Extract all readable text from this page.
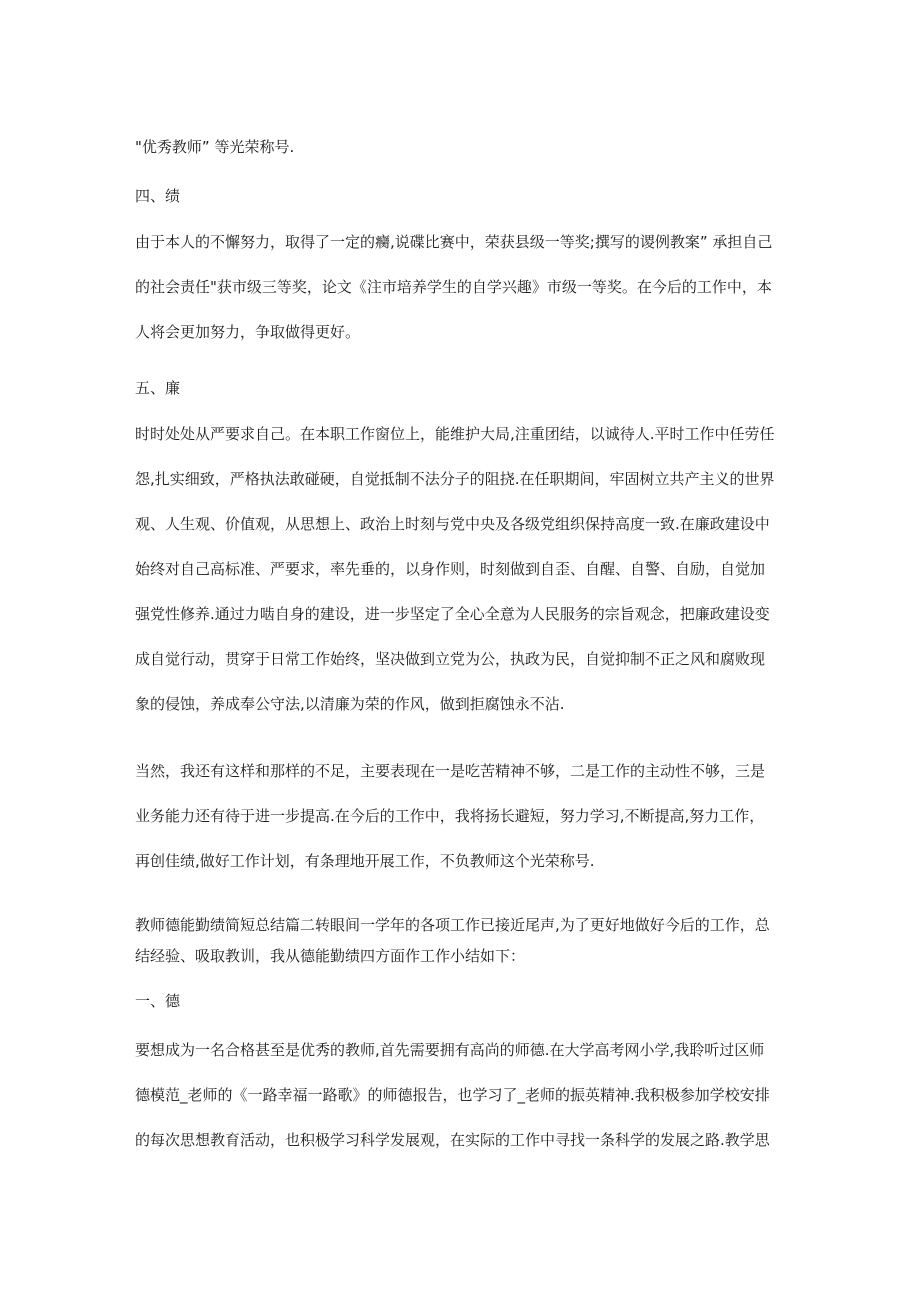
"优秀教师” 等光荣称号.
四、绩
由于本人的不懈努力，取得了一定的癵,说碟比赛中，荣获县级一等奖;撰写的谡例教案” 承担自己
的社会责任"获市级三等奖，论文《注市培养学生的自学兴趣》市级一等奖。在今后的工作中，本
人将会更加努力，争取做得更好。
五、廉
时时处处从严要求自己。在本职工作窗位上，能维护大局,注重团结，以诚待人.平时工作中任劳任
怨,扎实细致，严格执法敢碰硬，自觉抵制不法分子的阻挠.在任职期间，牢固树立共产主义的世界
观、人生观、价值观，从思想上、政治上时刻与党中央及各级党组织保持高度一致.在廉政建设中
始终对自己高标准、严要求，率先垂的，以身作则，时刻做到自歪、自醒、自警、自励，自觉加
强党性修养.通过力啮自身的建设，进一步坚定了全心全意为人民服务的宗旨观念，把廉政建设变
成自觉行动，贯穿于日常工作始终，坚决做到立党为公，执政为民，自觉抑制不正之风和腐败现
象的侵蚀，养成奉公守法,以清廉为荣的作风，做到拒腐蚀永不沾.
当然，我还有这样和那样的不足，主要表现在一是吃苦精神不够，二是工作的主动性不够，三是
业务能力还有待于进一步提高.在今后的工作中，我将扬长避短，努力学习,不断提高,努力工作，
再创佳绩,做好工作计划，有条理地开展工作，不负教师这个光荣称号.
教师德能勤绩简短总结篇二转眼间一学年的各项工作已接近尾声,为了更好地做好今后的工作，总
结经验、吸取教训，我从德能勤绩四方面作工作小结如下：
一、德
要想成为一名合格甚至是优秀的教师,首先需要拥有高尚的师德.在大学高考网小学,我聆听过区师
德模范_老师的《一路幸福一路歌》的师德报告，也学习了_老师的振英精神.我积极参加学校安排
的每次思想教育活动，也积极学习科学发展观，在实际的工作中寻找一条科学的发展之路.教学思
